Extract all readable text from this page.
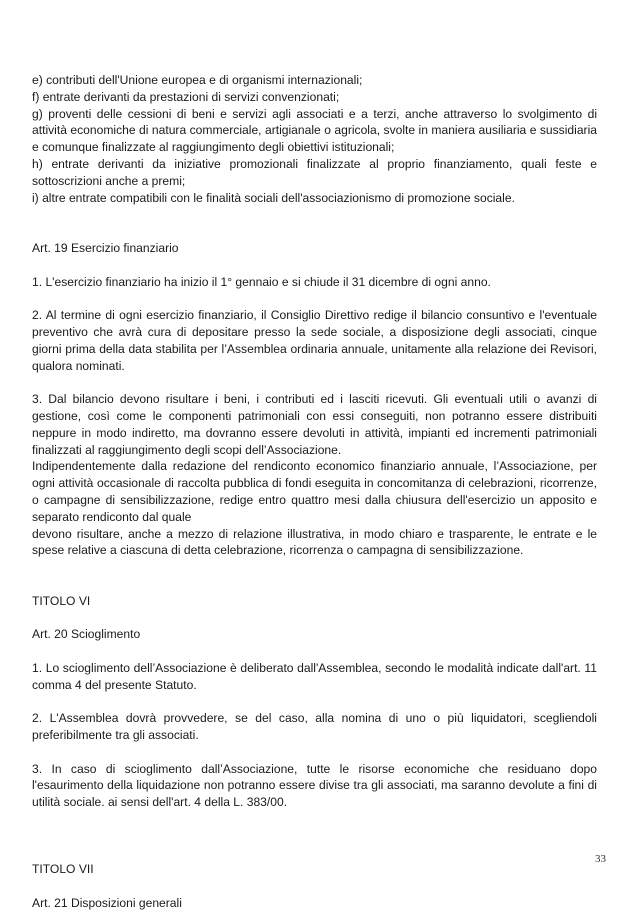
e) contributi dell'Unione europea e di organismi internazionali;

f) entrate derivanti da prestazioni di servizi convenzionati;

g) proventi delle cessioni di beni e servizi agli associati e a terzi, anche attraverso lo svolgimento di attività economiche di natura commerciale, artigianale o agricola, svolte in maniera ausiliaria e sussidiaria e comunque finalizzate al raggiungimento degli obiettivi istituzionali;

h) entrate derivanti da iniziative promozionali finalizzate al proprio finanziamento, quali feste e sottoscrizioni anche a premi;

i) altre entrate compatibili con le finalità sociali dell'associazionismo di promozione sociale.

Art. 19 Esercizio finanziario

1. L'esercizio finanziario ha inizio il 1° gennaio e si chiude il 31 dicembre di ogni anno.

2. Al termine di ogni esercizio finanziario, il Consiglio Direttivo redige il bilancio consuntivo e l'eventuale preventivo che avrà cura di depositare presso la sede sociale, a disposizione degli associati, cinque giorni prima della data stabilita per l’Assemblea ordinaria annuale, unitamente alla relazione dei Revisori, qualora nominati.

3. Dal bilancio devono risultare i beni, i contributi ed i lasciti ricevuti. Gli eventuali utili o avanzi di gestione, così come le componenti patrimoniali con essi conseguiti, non potranno essere distribuiti neppure in modo indiretto, ma dovranno essere devoluti in attività, impianti ed incrementi patrimoniali finalizzati al raggiungimento degli scopi dell’Associazione.

Indipendentemente dalla redazione del rendiconto economico finanziario annuale, l’Associazione, per ogni attività occasionale di raccolta pubblica di fondi eseguita in concomitanza di celebrazioni, ricorrenze, o campagne di sensibilizzazione, redige entro quattro mesi dalla chiusura dell'esercizio un apposito e separato rendiconto dal quale

devono risultare, anche a mezzo di relazione illustrativa, in modo chiaro e trasparente, le entrate e le spese relative a ciascuna di detta celebrazione, ricorrenza o campagna di sensibilizzazione.

TITOLO VI

Art. 20 Scioglimento

1. Lo scioglimento dell’Associazione è deliberato dall'Assemblea, secondo le modalità indicate dall'art. 11 comma 4 del presente Statuto.

2. L'Assemblea dovrà provvedere, se del caso, alla nomina di uno o più liquidatori, scegliendoli preferibilmente tra gli associati.

3. In caso di scioglimento dall’Associazione, tutte le risorse economiche che residuano dopo l'esaurimento della liquidazione non potranno essere divise tra gli associati, ma saranno devolute a fini di utilità sociale. ai sensi dell'art. 4 della L. 383/00.

TITOLO VII

Art. 21 Disposizioni generali

33
